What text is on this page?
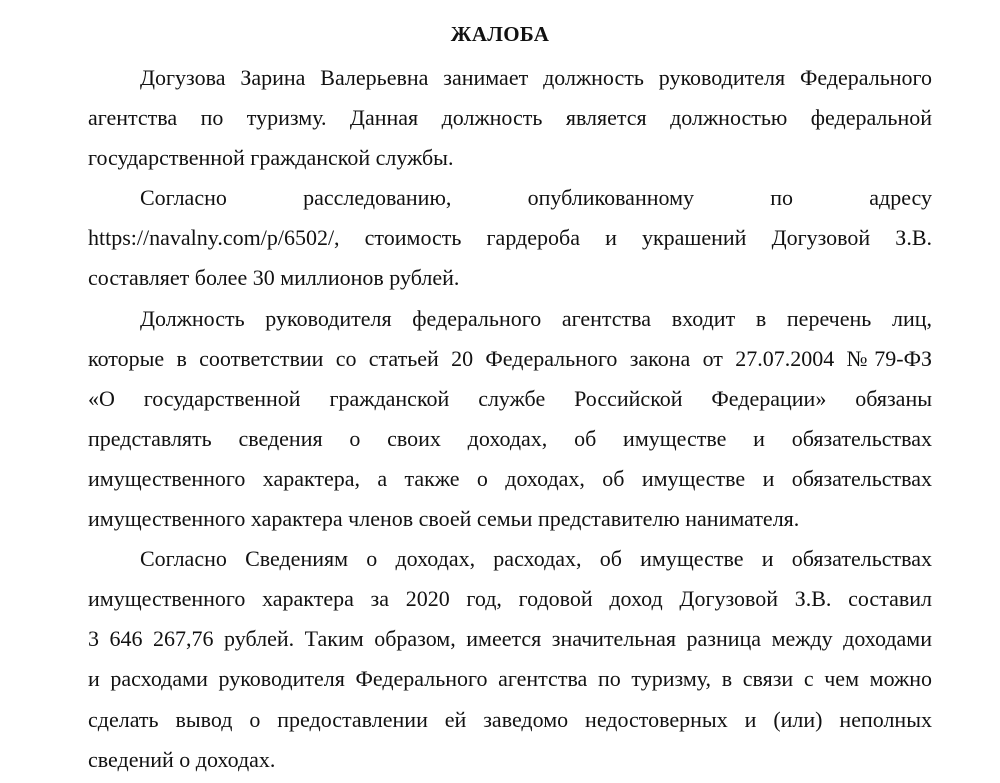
ЖАЛОБА
Догузова Зарина Валерьевна занимает должность руководителя Федерального
агентства по туризму. Данная должность является должностью федеральной
государственной гражданской службы.
Согласно расследованию, опубликованному по адресу
https://navalny.com/p/6502/, стоимость гардероба и украшений Догузовой З.В.
составляет более 30 миллионов рублей.
Должность руководителя федерального агентства входит в перечень лиц,
которые в соответствии со статьей 20 Федерального закона от 27.07.2004 №79-ФЗ
«О государственной гражданской службе Российской Федерации» обязаны
представлять сведения о своих доходах, об имуществе и обязательствах
имущественного характера, а также о доходах, об имуществе и обязательствах
имущественного характера членов своей семьи представителю нанимателя.
Согласно Сведениям о доходах, расходах, об имуществе и обязательствах
имущественного характера за 2020 год, годовой доход Догузовой З.В. составил
3 646 267,76 рублей. Таким образом, имеется значительная разница между доходами
и расходами руководителя Федерального агентства по туризму, в связи с чем можно
сделать вывод о предоставлении ей заведомо недостоверных и (или) неполных
сведений о доходах.
